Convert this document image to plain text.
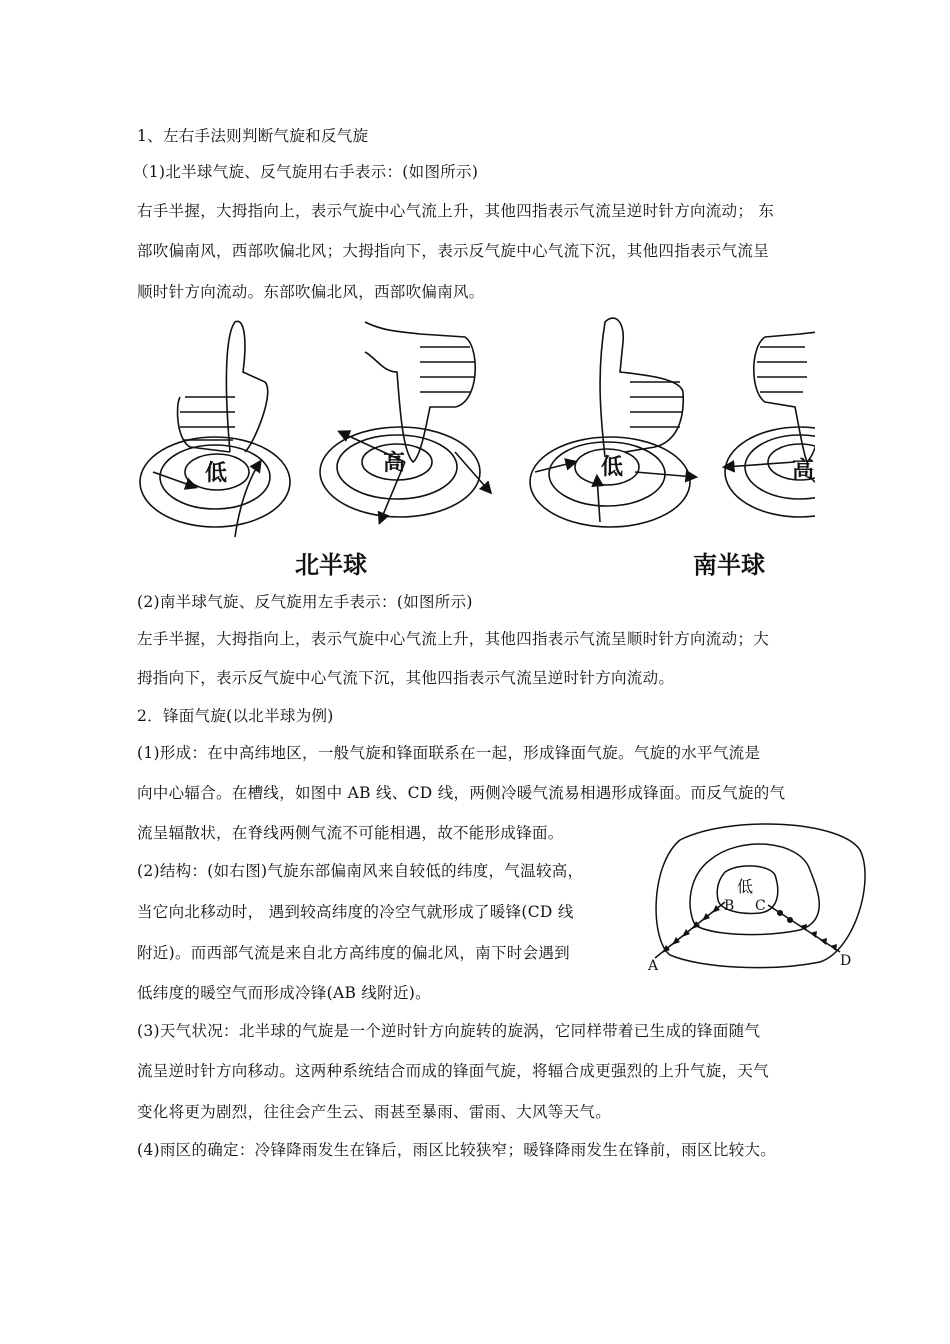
1、左右手法则判断气旋和反气旋
（1)北半球气旋、反气旋用右手表示：(如图所示)
右手半握，大拇指向上，表示气旋中心气流上升，其他四指表示气流呈逆时针方向流动； 东
部吹偏南风，西部吹偏北风；大拇指向下，表示反气旋中心气流下沉，其他四指表示气流呈
顺时针方向流动。东部吹偏北风，西部吹偏南风。
低	高	低	高
北半球	南半球
(2)南半球气旋、反气旋用左手表示：(如图所示)
左手半握，大拇指向上，表示气旋中心气流上升，其他四指表示气流呈顺时针方向流动；大
拇指向下，表示反气旋中心气流下沉，其他四指表示气流呈逆时针方向流动。
2．锋面气旋(以北半球为例)
(1)形成：在中高纬地区，一般气旋和锋面联系在一起，形成锋面气旋。气旋的水平气流是
向中心辐合。在槽线，如图中 AB 线、CD 线，两侧冷暖气流易相遇形成锋面。而反气旋的气
流呈辐散状，在脊线两侧气流不可能相遇，故不能形成锋面。
(2)结构：(如右图)气旋东部偏南风来自较低的纬度，气温较高，
当它向北移动时， 遇到较高纬度的冷空气就形成了暖锋(CD 线
附近)。而西部气流是来自北方高纬度的偏北风，南下时会遇到
低纬度的暖空气而形成冷锋(AB 线附近)。
低
A
B C
D
(3)天气状况：北半球的气旋是一个逆时针方向旋转的旋涡，它同样带着已生成的锋面随气
流呈逆时针方向移动。这两种系统结合而成的锋面气旋，将辐合成更强烈的上升气旋，天气
变化将更为剧烈，往往会产生云、雨甚至暴雨、雷雨、大风等天气。
(4)雨区的确定：冷锋降雨发生在锋后，雨区比较狭窄；暖锋降雨发生在锋前，雨区比较大。
